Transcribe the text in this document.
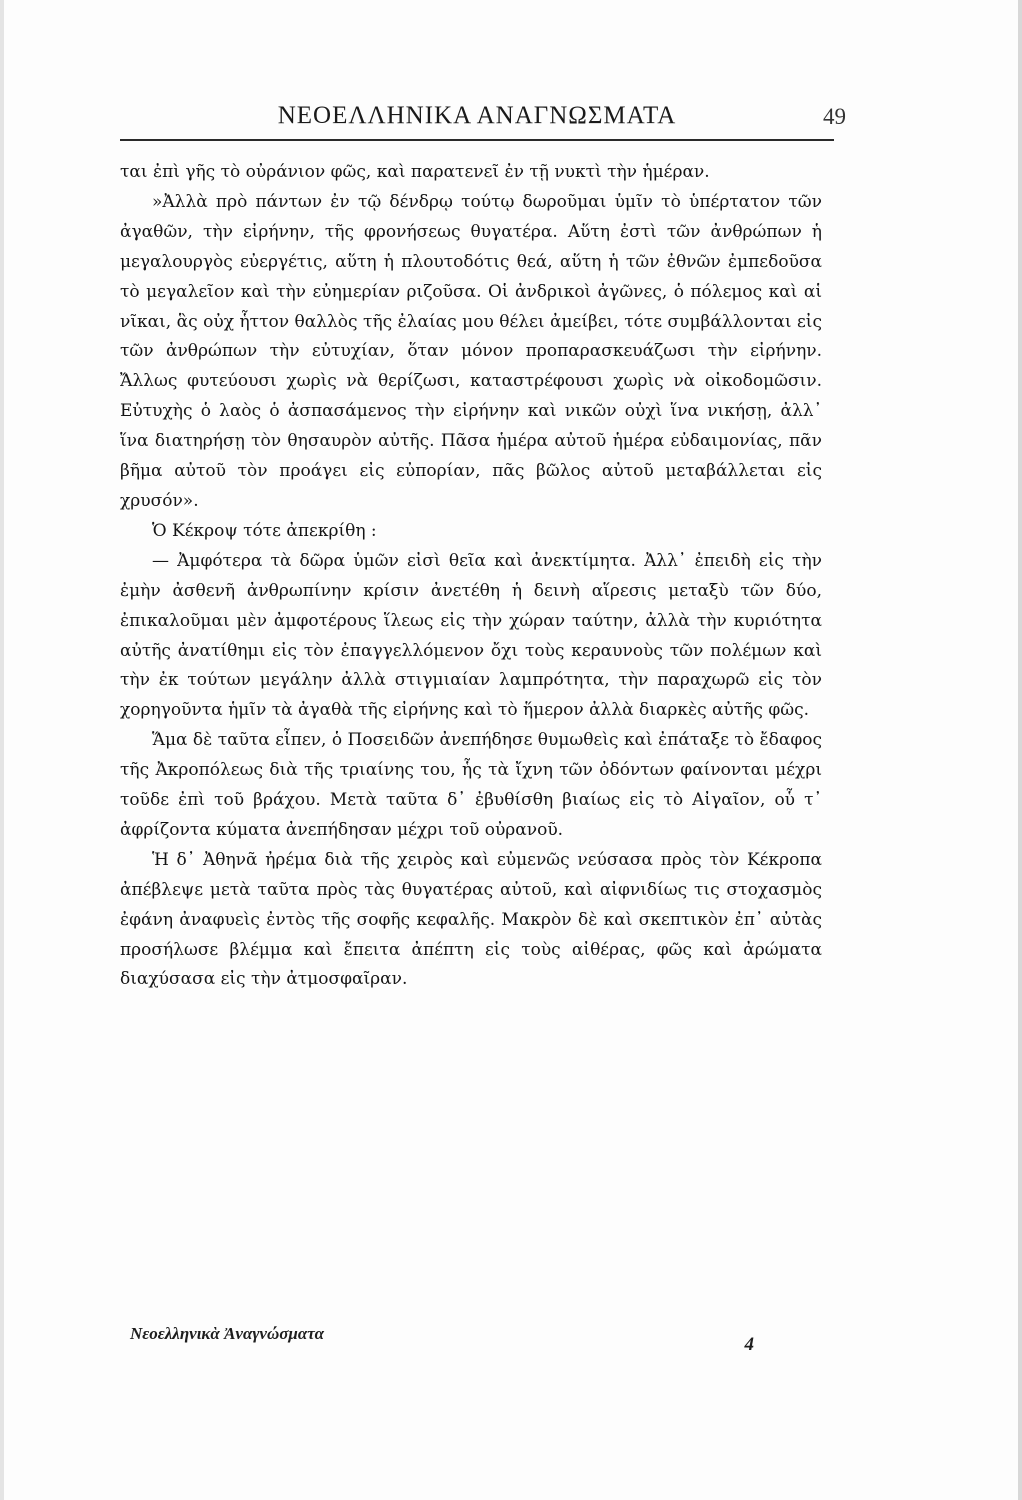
ΝΕΟΕΛΛΗΝΙΚΑ ΑΝΑΓΝΩΣΜΑΤΑ	49

ται ἐπὶ γῆς τὸ οὐράνιον φῶς, καὶ παρατενεῖ ἐν τῇ νυκτὶ τὴν ἡμέραν.

»Ἀλλὰ πρὸ πάντων ἐν τῷ δένδρῳ τούτῳ δωροῦμαι ὑμῖν τὸ ὑπέρτατον τῶν ἀγαθῶν, τὴν εἰρήνην, τῆς φρονήσεως θυγατέρα. Αὕτη ἐστὶ τῶν ἀνθρώπων ἡ μεγαλουργὸς εὐεργέτις, αὕτη ἡ πλουτοδότις θεά, αὕτη ἡ τῶν ἐθνῶν ἐμπεδοῦσα τὸ μεγαλεῖον καὶ τὴν εὐημερίαν ριζοῦσα. Οἱ ἀνδρικοὶ ἀγῶνες, ὁ πόλεμος καὶ αἱ νῖκαι, ἃς οὐχ ἧττον θαλλὸς τῆς ἐλαίας μου θέλει ἀμείβει, τότε συμβάλλονται εἰς τῶν ἀνθρώπων τὴν εὐτυχίαν, ὅταν μόνον προπαρασκευάζωσι τὴν εἰρήνην. Ἄλλως φυτεύουσι χωρὶς νὰ θερίζωσι, καταστρέφουσι χωρὶς νὰ οἰκοδομῶσιν. Εὐτυχὴς ὁ λαὸς ὁ ἀσπασάμενος τὴν εἰρήνην καὶ νικῶν οὐχὶ ἵνα νικήσῃ, ἀλλ᾽ ἵνα διατηρήσῃ τὸν θησαυρὸν αὐτῆς. Πᾶσα ἡμέρα αὐτοῦ ἡμέρα εὐδαιμονίας, πᾶν βῆμα αὐτοῦ τὸν προάγει εἰς εὐπορίαν, πᾶς βῶλος αὐτοῦ μεταβάλλεται εἰς χρυσόν».

Ὁ Κέκροψ τότε ἀπεκρίθη :

— Ἀμφότερα τὰ δῶρα ὑμῶν εἰσὶ θεῖα καὶ ἀνεκτίμητα. Ἀλλ᾽ ἐπειδὴ εἰς τὴν ἐμὴν ἀσθενῆ ἀνθρωπίνην κρίσιν ἀνετέθη ἡ δεινὴ αἵρεσις μεταξὺ τῶν δύο, ἐπικαλοῦμαι μὲν ἀμφοτέρους ἵλεως εἰς τὴν χώραν ταύτην, ἀλλὰ τὴν κυριότητα αὐτῆς ἀνατίθημι εἰς τὸν ἐπαγγελλόμενον ὄχι τοὺς κεραυνοὺς τῶν πολέμων καὶ τὴν ἐκ τούτων μεγάλην ἀλλὰ στιγμιαίαν λαμπρότητα, τὴν παραχωρῶ εἰς τὸν χορηγοῦντα ἡμῖν τὰ ἀγαθὰ τῆς εἰρήνης καὶ τὸ ἥμερον ἀλλὰ διαρκὲς αὐτῆς φῶς.

Ἅμα δὲ ταῦτα εἶπεν, ὁ Ποσειδῶν ἀνεπήδησε θυμωθεὶς καὶ ἐπάταξε τὸ ἔδαφος τῆς Ἀκροπόλεως διὰ τῆς τριαίνης του, ἧς τὰ ἴχνη τῶν ὀδόντων φαίνονται μέχρι τοῦδε ἐπὶ τοῦ βράχου. Μετὰ ταῦτα δ᾽ ἐβυθίσθη βιαίως εἰς τὸ Αἰγαῖον, οὗ τ᾽ ἀφρίζοντα κύματα ἀνεπήδησαν μέχρι τοῦ οὐρανοῦ.

Ἡ δ᾽ Ἀθηνᾶ ἠρέμα διὰ τῆς χειρὸς καὶ εὐμενῶς νεύσασα πρὸς τὸν Κέκροπα ἀπέβλεψε μετὰ ταῦτα πρὸς τὰς θυγατέρας αὐτοῦ, καὶ αἰφνιδίως τις στοχασμὸς ἐφάνη ἀναφυεὶς ἐντὸς τῆς σοφῆς κεφαλῆς. Μακρὸν δὲ καὶ σκεπτικὸν ἐπ᾽ αὐτὰς προσήλωσε βλέμμα καὶ ἔπειτα ἀπέπτη εἰς τοὺς αἰθέρας, φῶς καὶ ἀρώματα διαχύσασα εἰς τὴν ἀτμοσφαῖραν.

Νεοελληνικὰ Ἀναγνώσματα
4
